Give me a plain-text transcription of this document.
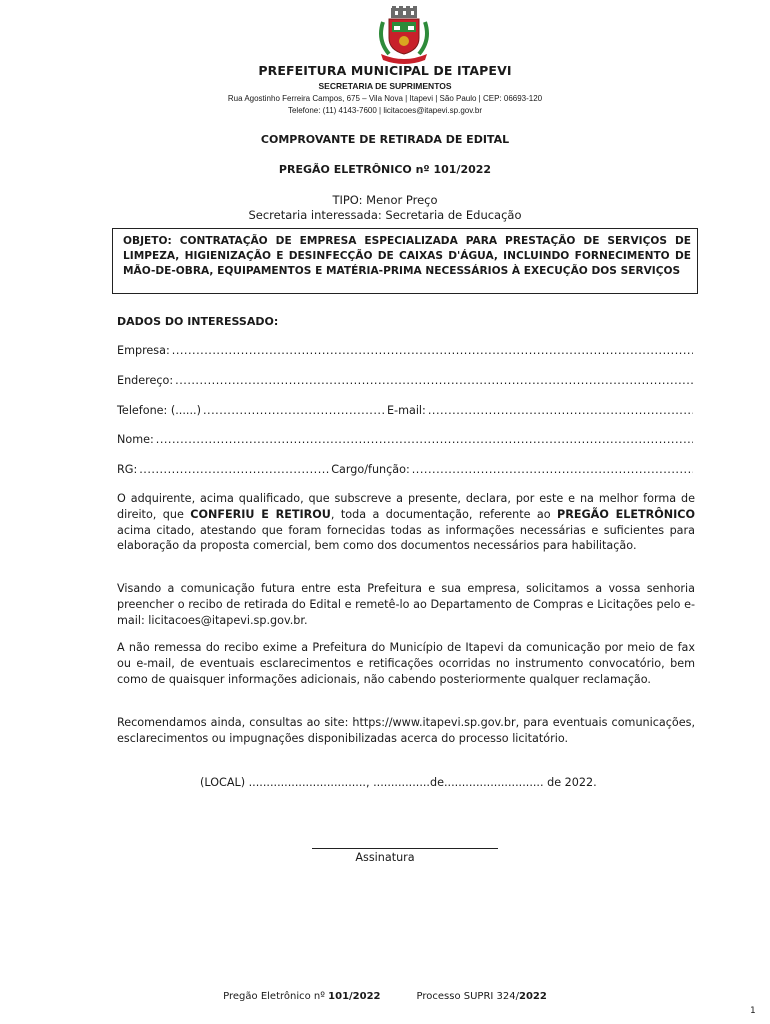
PREFEITURA MUNICIPAL DE ITAPEVI
SECRETARIA DE SUPRIMENTOS
Rua Agostinho Ferreira Campos, 675 – Vila Nova | Itapevi | São Paulo | CEP: 06693-120
Telefone: (11) 4143-7600 | licitacoes@itapevi.sp.gov.br
COMPROVANTE DE RETIRADA DE EDITAL
PREGÃO ELETRÔNICO nº 101/2022
TIPO: Menor Preço
Secretaria interessada: Secretaria de Educação
OBJETO: CONTRATAÇÃO DE EMPRESA ESPECIALIZADA PARA PRESTAÇÃO DE SERVIÇOS DE LIMPEZA, HIGIENIZAÇÃO E DESINFECÇÃO DE CAIXAS D'ÁGUA, INCLUINDO FORNECIMENTO DE MÃO-DE-OBRA, EQUIPAMENTOS E MATÉRIA-PRIMA NECESSÁRIOS À EXECUÇÃO DOS SERVIÇOS
DADOS DO INTERESSADO:
Empresa:
.....
Endereço:
.....
Telefone: (......) .....	E-mail:
.....
Nome:
.....
RG: .....	Cargo/função:
.....
O adquirente, acima qualificado, que subscreve a presente, declara, por este e na melhor forma de direito, que CONFERIU E RETIROU, toda a documentação, referente ao PREGÃO ELETRÔNICO acima citado, atestando que foram fornecidas todas as informações necessárias e suficientes para elaboração da proposta comercial, bem como dos documentos necessários para habilitação.
Visando a comunicação futura entre esta Prefeitura e sua empresa, solicitamos a vossa senhoria preencher o recibo de retirada do Edital e remetê-lo ao Departamento de Compras e Licitações pelo e-mail: licitacoes@itapevi.sp.gov.br.
A não remessa do recibo exime a Prefeitura do Município de Itapevi da comunicação por meio de fax ou e-mail, de eventuais esclarecimentos e retificações ocorridas no instrumento convocatório, bem como de quaisquer informações adicionais, não cabendo posteriormente qualquer reclamação.
Recomendamos ainda, consultas ao site: https://www.itapevi.sp.gov.br, para eventuais comunicações, esclarecimentos ou impugnações disponibilizadas acerca do processo licitatório.
(LOCAL) ................................., ................de............................ de 2022.
Assinatura
Pregão Eletrônico nº 101/2022	Processo SUPRI 324/2022
1
